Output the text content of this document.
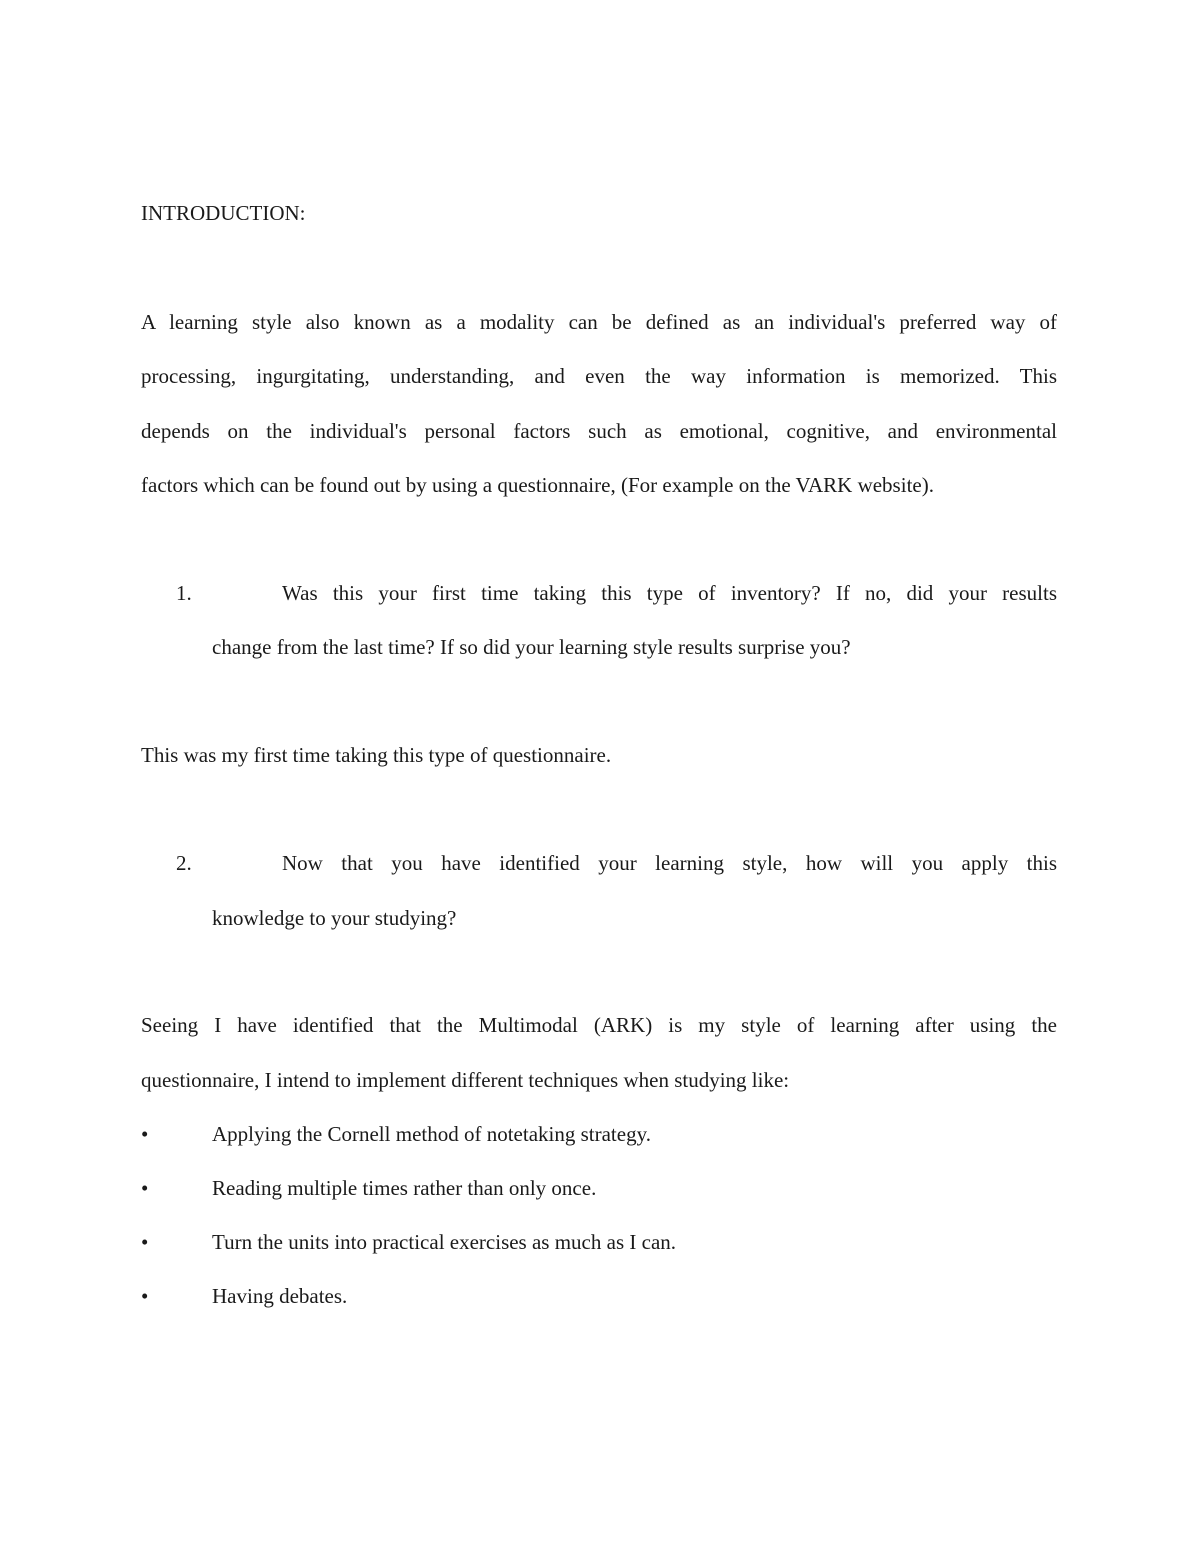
INTRODUCTION:
A learning style also known as a modality can be defined as an individual's preferred way of
processing, ingurgitating, understanding, and even the way information is memorized. This
depends on the individual's personal factors such as emotional, cognitive, and environmental
factors which can be found out by using a questionnaire, (For example on the VARK website).
1.	Was this your first time taking this type of inventory? If no, did your results
change from the last time? If so did your learning style results surprise you?
This was my first time taking this type of questionnaire.
2.	Now that you have identified your learning style, how will you apply this
knowledge to your studying?
Seeing I have identified that the Multimodal (ARK) is my style of learning after using the
questionnaire, I intend to implement different techniques when studying like:
•	Applying the Cornell method of notetaking strategy.
•	Reading multiple times rather than only once.
•	Turn the units into practical exercises as much as I can.
•	Having debates.
